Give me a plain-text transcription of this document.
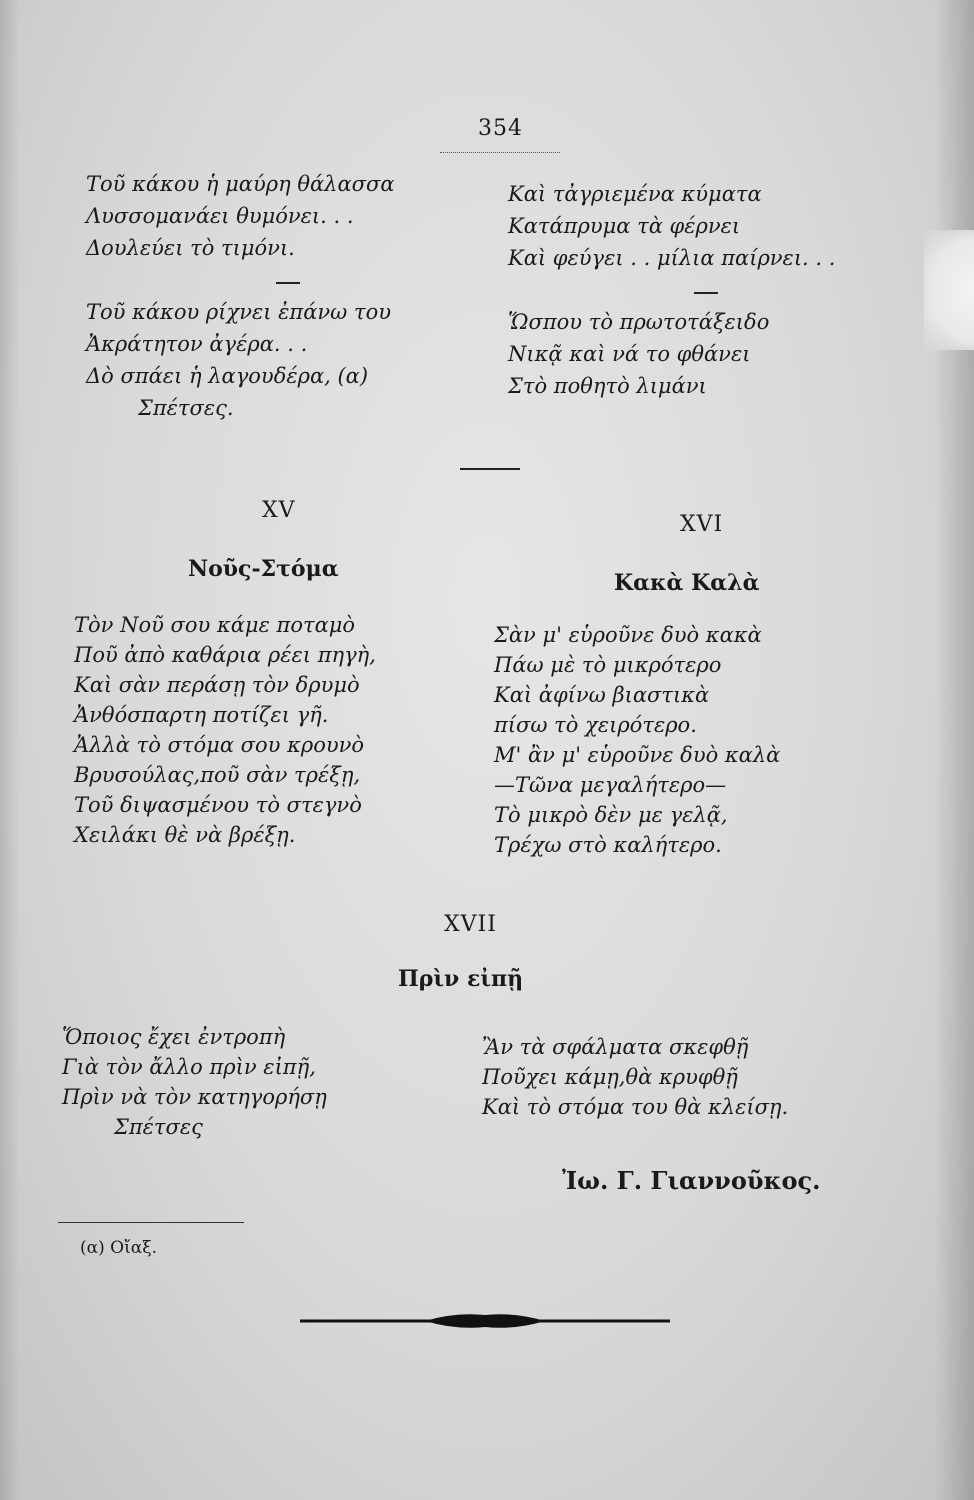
354
Τοῦ κάκου ἡ μαύρη θάλασσα
Λυσσομανάει θυμόνει. . .
Δουλεύει τὸ τιμόνι.
Τοῦ κάκου ρίχνει ἐπάνω του
Ἀκράτητον ἀγέρα. . .
Δὸ σπάει ἡ λαγουδέρα, (α)
Σπέτσες.
Καὶ τἀγριεμένα κύματα
Κατάπρυμα τὰ φέρνει
Καὶ φεύγει . . μίλια παίρνει. . .
Ὥσπου τὸ πρωτοτάξειδο
Νικᾷ καὶ νά το φθάνει
Στὸ ποθητὸ λιμάνι
XV
Νοῦς-Στόμα
Τὸν Νοῦ σου κάμε ποταμὸ
Ποῦ ἀπὸ καθάρια ρέει πηγὴ,
Καὶ σὰν περάσῃ τὸν δρυμὸ
Ἀνθόσπαρτη ποτίζει γῆ.
Ἀλλὰ τὸ στόμα σου κρουνὸ
Βρυσούλας,ποῦ σὰν τρέξῃ,
Τοῦ διψασμένου τὸ στεγνὸ
Χειλάκι θὲ νὰ βρέξῃ.
XVI
Κακὰ Καλὰ
Σὰν μ' εὑροῦνε δυὸ κακὰ
Πάω μὲ τὸ μικρότερο
Καὶ ἀφίνω βιαστικὰ
πίσω τὸ χειρότερο.
Μ' ἂν μ' εὑροῦνε δυὸ καλὰ
—Τῶνα μεγαλήτερο—
Τὸ μικρὸ δὲν με γελᾷ,
Τρέχω στὸ καλήτερο.
XVII
Πρὶν εἰπῇ
Ὅποιος ἔχει ἐντροπὴ
Γιὰ τὸν ἄλλο πρὶν εἰπῇ,
Πρὶν νὰ τὸν κατηγορήσῃ
Σπέτσες
Ἂν τὰ σφάλματα σκεφθῇ
Ποῦχει κάμῃ,θὰ κρυφθῇ
Καὶ τὸ στόμα του θὰ κλείσῃ.
Ἰω. Γ. Γιαννοῦκος.
(α) Οἴαξ.
